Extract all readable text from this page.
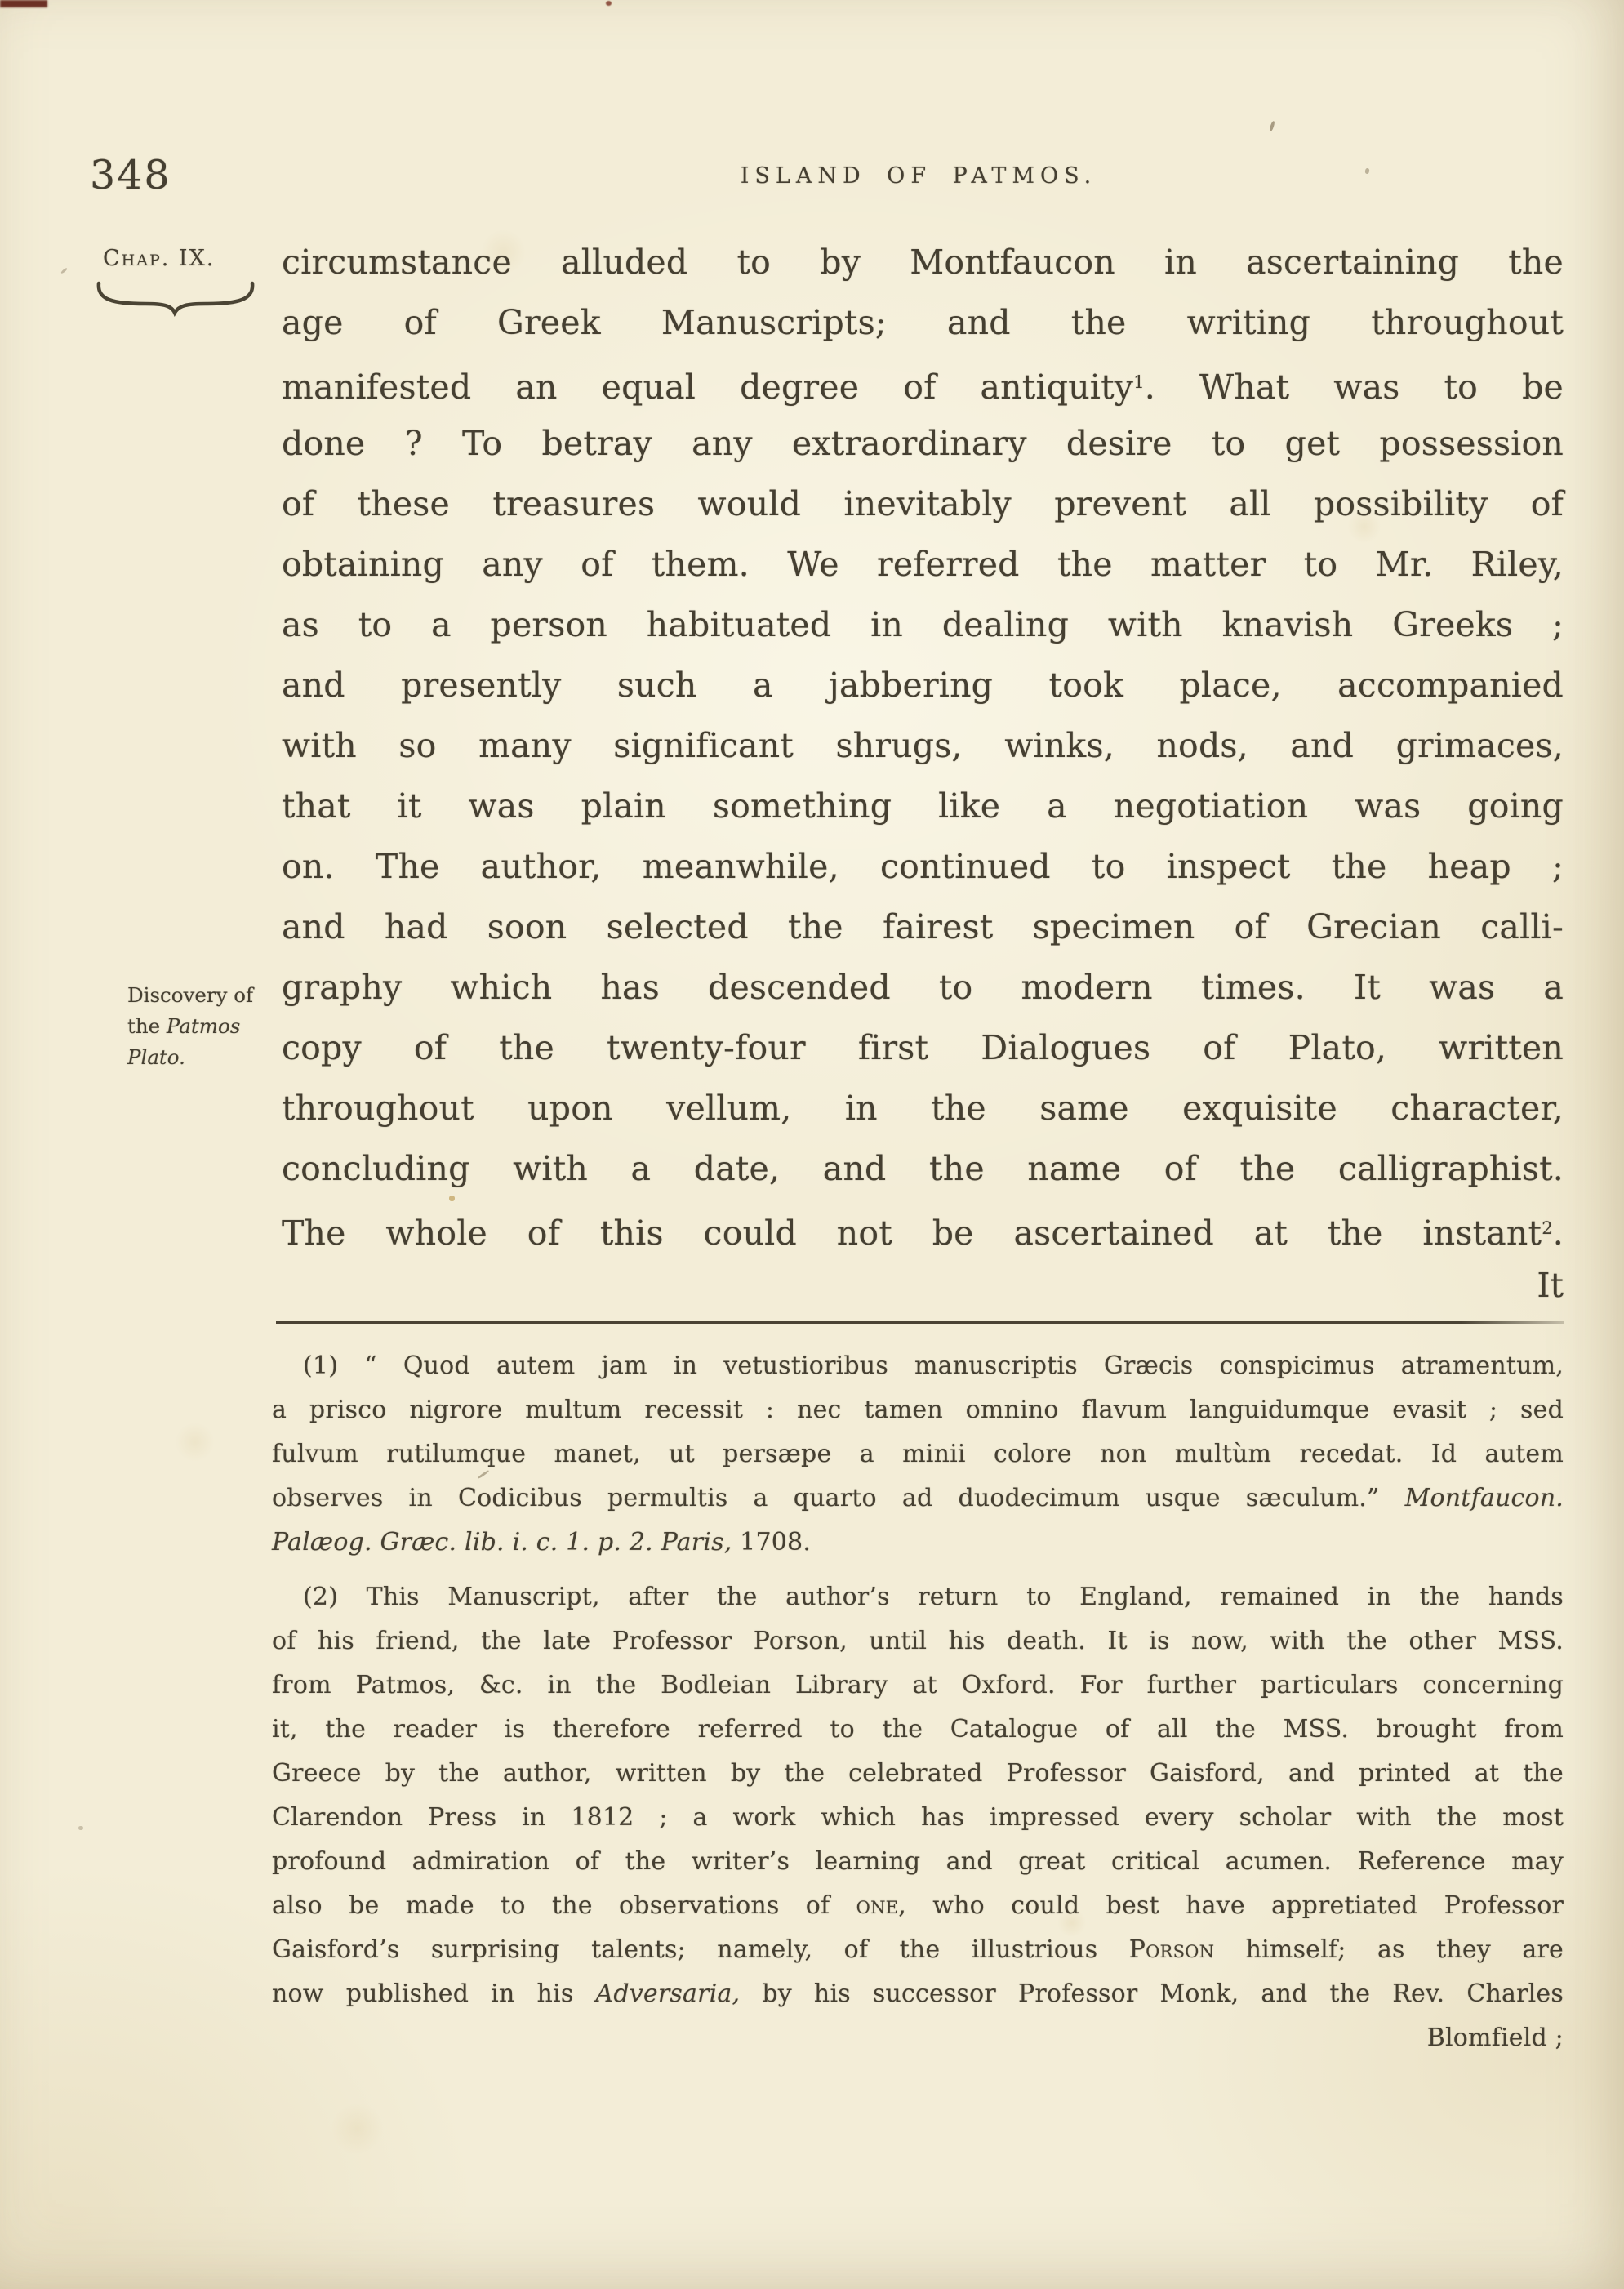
348	ISLAND OF PATMOS.
Chap. IX.
Discovery of
the Patmos
Plato.
circumstance alluded to by Montfaucon in ascertaining the
age of Greek Manuscripts; and the writing throughout
manifested an equal degree of antiquity$^1$. What was to be
done ? To betray any extraordinary desire to get possession
of these treasures would inevitably prevent all possibility of
obtaining any of them. We referred the matter to Mr. Riley,
as to a person habituated in dealing with knavish Greeks ;
and presently such a jabbering took place, accompanied
with so many significant shrugs, winks, nods, and grimaces,
that it was plain something like a negotiation was going
on. The author, meanwhile, continued to inspect the heap ;
and had soon selected the fairest specimen of Grecian calli-
graphy which has descended to modern times. It was a
copy of the twenty-four first Dialogues of Plato, written
throughout upon vellum, in the same exquisite character,
concluding with a date, and the name of the calligraphist.
The whole of this could not be ascertained at the instant$^2$.
It
(1) “ Quod autem jam in vetustioribus manuscriptis Græcis conspicimus atramentum,
a prisco nigrore multum recessit : nec tamen omnino flavum languidumque evasit ; sed
fulvum rutilumque manet, ut persæpe a minii colore non multùm recedat. Id autem
observes in Codicibus permultis a quarto ad duodecimum usque sæculum.” Montfaucon.
Palæog. Græc. lib. i. c. 1. p. 2. Paris, 1708.
(2) This Manuscript, after the author’s return to England, remained in the hands
of his friend, the late Professor Porson, until his death. It is now, with the other MSS.
from Patmos, &c. in the Bodleian Library at Oxford. For further particulars concerning
it, the reader is therefore referred to the Catalogue of all the MSS. brought from
Greece by the author, written by the celebrated Professor Gaisford, and printed at the
Clarendon Press in 1812 ; a work which has impressed every scholar with the most
profound admiration of the writer’s learning and great critical acumen. Reference may
also be made to the observations of one, who could best have appretiated Professor
Gaisford’s surprising talents; namely, of the illustrious Porson himself; as they are
now published in his Adversaria, by his successor Professor Monk, and the Rev. Charles
Blomfield ;
